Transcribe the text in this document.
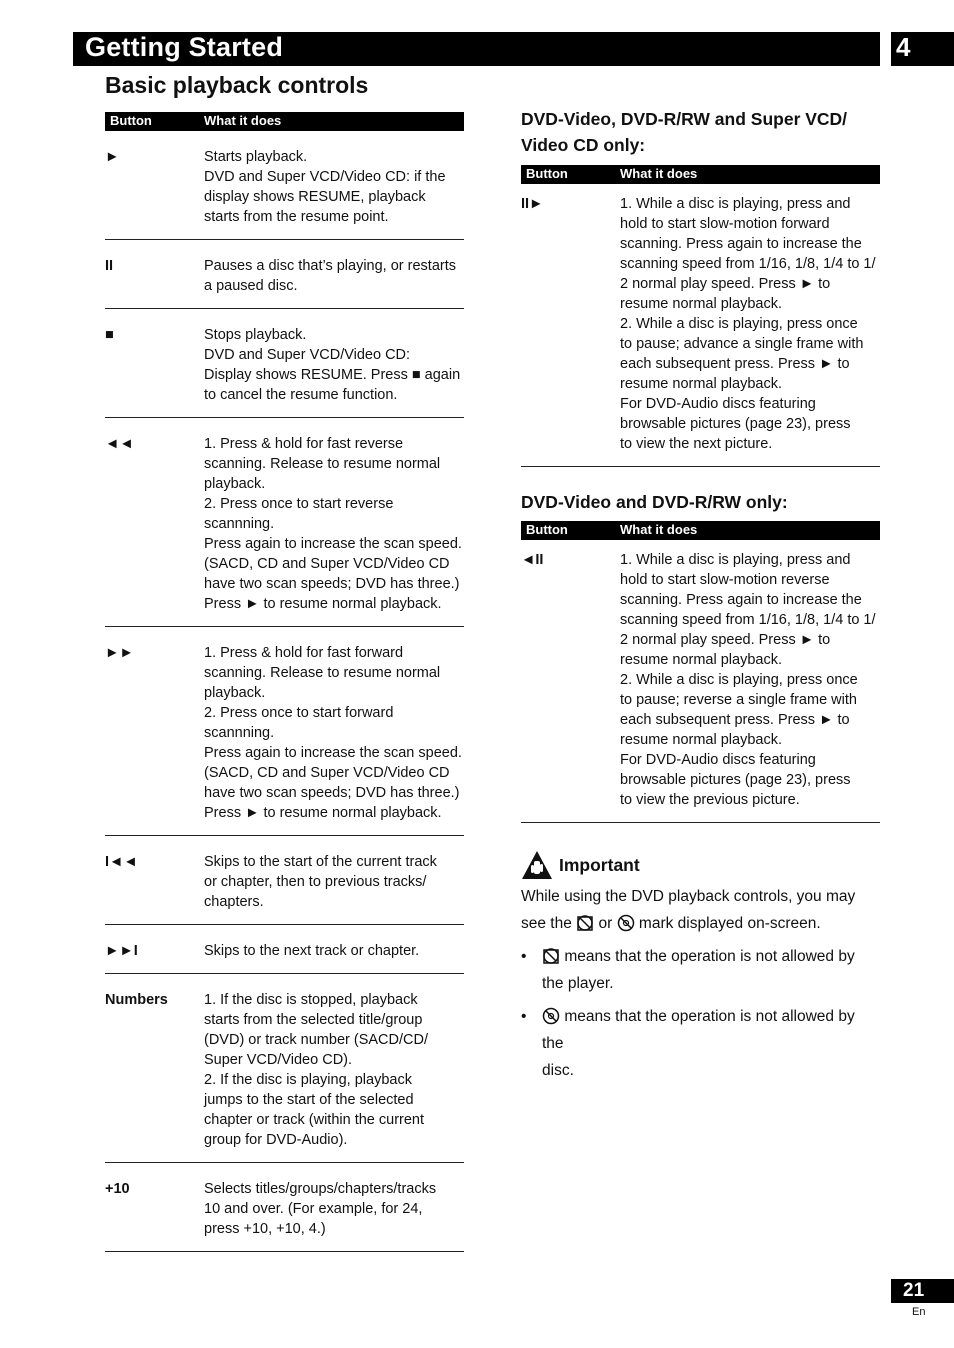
Getting Started	4
Basic playback controls
Button	What it does
►	Starts playback.
DVD and Super VCD/Video CD: if the
display shows RESUME, playback
starts from the resume point.
II	Pauses a disc that’s playing, or restarts
a paused disc.
■	Stops playback.
DVD and Super VCD/Video CD:
Display shows RESUME. Press ■ again
to cancel the resume function.
◄◄	1. Press & hold for fast reverse
scanning. Release to resume normal
playback.
2. Press once to start reverse
scannning.
Press again to increase the scan speed.
(SACD, CD and Super VCD/Video CD
have two scan speeds; DVD has three.)
Press ► to resume normal playback.
►►	1. Press & hold for fast forward
scanning. Release to resume normal
playback.
2. Press once to start forward
scannning.
Press again to increase the scan speed.
(SACD, CD and Super VCD/Video CD
have two scan speeds; DVD has three.)
Press ► to resume normal playback.
I◄◄	Skips to the start of the current track
or chapter, then to previous tracks/
chapters.
►►I	Skips to the next track or chapter.
Numbers 1. If the disc is stopped, playback
starts from the selected title/group
(DVD) or track number (SACD/CD/
Super VCD/Video CD).
2. If the disc is playing, playback
jumps to the start of the selected
chapter or track (within the current
group for DVD-Audio).
+10	Selects titles/groups/chapters/tracks
10 and over. (For example, for 24,
press +10, +10, 4.)
DVD-Video, DVD-R/RW and Super VCD/
Video CD only:
Button	What it does
II►	1. While a disc is playing, press and
hold to start slow-motion forward
scanning. Press again to increase the
scanning speed from 1/16, 1/8, 1/4 to 1/
2 normal play speed. Press ► to
resume normal playback.
2. While a disc is playing, press once
to pause; advance a single frame with
each subsequent press. Press ► to
resume normal playback.
For DVD-Audio discs featuring
browsable pictures (page 23), press
to view the next picture.
DVD-Video and DVD-R/RW only:
Button	What it does
◄II	1. While a disc is playing, press and
hold to start slow-motion reverse
scanning. Press again to increase the
scanning speed from 1/16, 1/8, 1/4 to 1/
2 normal play speed. Press ► to
resume normal playback.
2. While a disc is playing, press once
to pause; reverse a single frame with
each subsequent press. Press ► to
resume normal playback.
For DVD-Audio discs featuring
browsable pictures (page 23), press
to view the previous picture.
Important
While using the DVD playback controls, you may
see the or mark displayed on-screen.
• means that the operation is not allowed by
the player.
• means that the operation is not allowed by the
disc.
21
En
